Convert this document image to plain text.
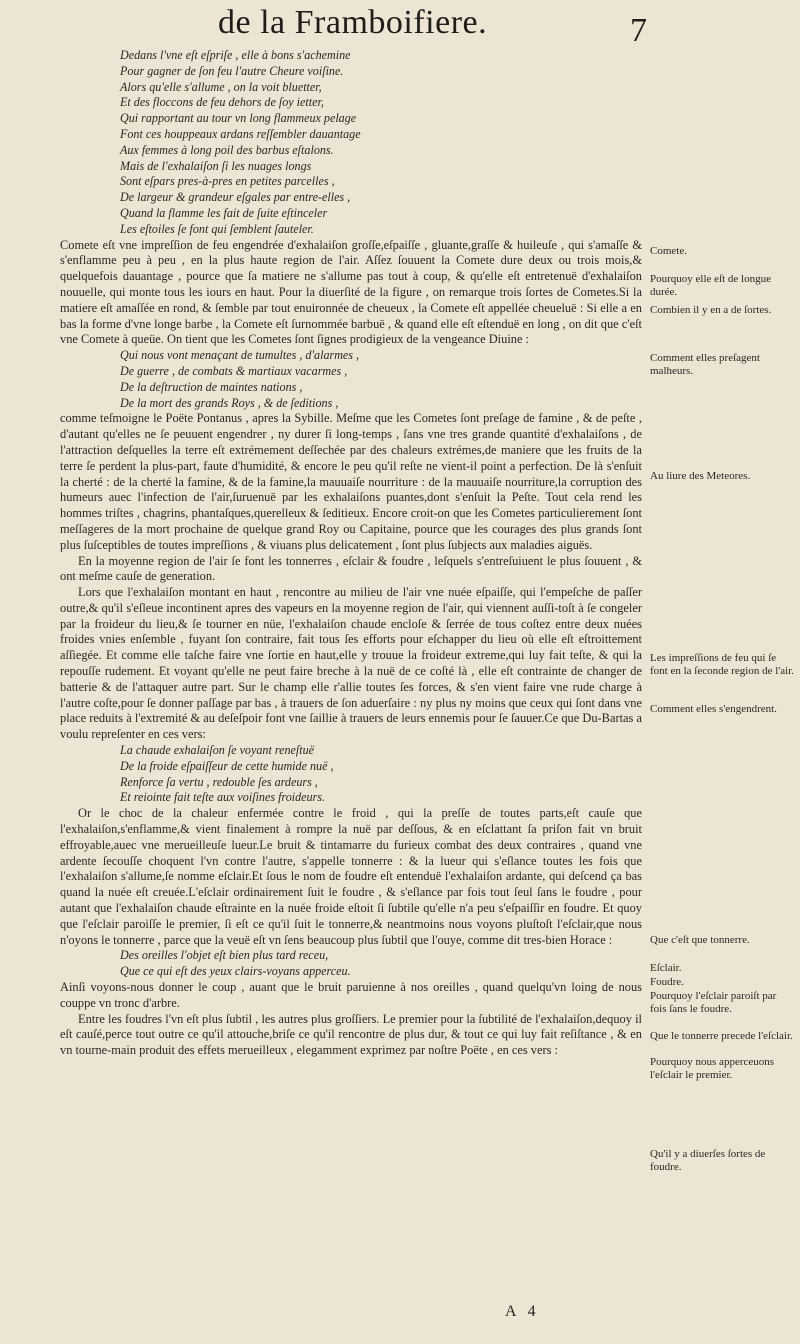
de la Framboifiere.	7
Dedans l'vne eſt eſpriſe , elle à bons s'achemine
Pour gagner de ſon feu l'autre Cheure voiſine.
Alors qu'elle s'allume , on la voit bluetter,
Et des floccons de feu dehors de ſoy ietter,
Qui rapportant au tour vn long flammeux pelage
Font ces houppeaux ardans reſſembler dauantage
Aux femmes à long poil des barbus eſtalons.
Mais de l'exhalaiſon ſi les nuages longs
Sont eſpars pres-à-pres en petites parcelles ,
De largeur & grandeur eſgales par entre-elles ,
Quand la flamme les fait de ſuite eſtinceler
Les eſtoiles ſe font qui ſemblent ſauteler.

Comete eſt vne impreſſion de feu engendrée d'exhalaiſon groſſe,eſpaiſſe , gluante,graſſe & huileuſe , qui s'amaſſe & s'enflamme peu à peu , en la plus haute region de l'air. Aſſez ſouuent la Comete dure deux ou trois mois,& quelquefois dauantage , pource que ſa matiere ne s'allume pas tout à coup, & qu'elle eſt entretenuë d'exhalaiſon nouuelle, qui monte tous les iours en haut. Pour la diuerſité de la figure , on remarque trois ſortes de Cometes.Si la matiere eſt amaſſée en rond, & ſemble par tout enuironnée de cheueux , la Comete eſt appellée cheueluë : Si elle a en bas la forme d'vne longe barbe , la Comete eſt ſurnommée barbuë , & quand elle eſt eſtenduë en long , on dit que c'eſt vne Comete à queüe. On tient que les Cometes ſont ſignes prodigieux de la vengeance Diuine :

Qui nous vont menaçant de tumultes , d'alarmes ,
De guerre , de combats & martiaux vacarmes ,
De la deſtruction de maintes nations ,
De la mort des grands Roys , & de ſeditions ,

comme teſmoigne le Poëte Pontanus , apres la Sybille. Meſme que les Cometes ſont preſage de famine , & de peſte , d'autant qu'elles ne ſe peuuent engendrer , ny durer ſi long-temps , ſans vne tres grande quantité d'exhalaiſons , de l'attraction deſquelles la terre eſt extrémement deſſechée par des chaleurs extrémes,de maniere que les fruits de la terre ſe perdent la plus-part, faute d'humidité, & encore le peu qu'il reſte ne vient-il point a perfection. De là s'enſuit la cherté : de la cherté la famine, & de la famine,la mauuaiſe nourriture : de la mauuaiſe nourriture,la corruption des humeurs auec l'infection de l'air,ſuruenuë par les exhalaiſons puantes,dont s'enſuit la Peſte. Tout cela rend les hommes triſtes , chagrins, phantaſques,querelleux & ſeditieux. Encore croit-on que les Cometes particulierement ſont meſſageres de la mort prochaine de quelque grand Roy ou Capitaine, pource que les courages des plus grands ſont plus ſuſceptibles de toutes impreſſions , & viuans plus delicatement , ſont plus ſubjects aux maladies aiguës.

En la moyenne region de l'air ſe font les tonnerres , eſclair & foudre , leſquels s'entreſuiuent le plus ſouuent , & ont meſme cauſe de generation.

Lors que l'exhalaiſon montant en haut , rencontre au milieu de l'air vne nuée eſpaiſſe, qui l'empeſche de paſſer outre,& qu'il s'eſleue incontinent apres des vapeurs en la moyenne region de l'air, qui viennent auſſi-toſt à ſe congeler par la froideur du lieu,& ſe tourner en nüe, l'exhalaiſon chaude encloſe & ſerrée de tous coſtez entre deux nuées froides vnies enſemble , fuyant ſon contraire, fait tous ſes efforts pour eſchapper du lieu où elle eſt eſtroittement aſſiegée. Et comme elle taſche faire vne ſortie en haut,elle y trouue la froideur extreme,qui luy fait teſte, & qui la repouſſe rudement. Et voyant qu'elle ne peut faire breche à la nuë de ce coſté là , elle eſt contrainte de changer de batterie & de l'attaquer autre part. Sur le champ elle r'allie toutes ſes forces, & s'en vient faire vne rude charge à l'autre coſte,pour ſe donner paſſage par bas , à trauers de ſon aduerſaire : ny plus ny moins que ceux qui ſont dans vne place reduits à l'extremité & au deſeſpoir font vne ſaillie à trauers de leurs ennemis pour ſe ſauuer.Ce que Du-Bartas a voulu repreſenter en ces vers:

La chaude exhalaiſon ſe voyant reneſtuë
De la froide eſpaiſſeur de cette humide nuë ,
Renforce ſa vertu , redouble ſes ardeurs ,
Et reiointe fait teſte aux voiſines froideurs.

Or le choc de la chaleur enfermée contre le froid , qui la preſſe de toutes parts,eſt cauſe que l'exhalaiſon,s'enflamme,& vient finalement à rompre la nuë par deſſous, & en eſclattant ſa priſon fait vn bruit effroyable,auec vne merueilleuſe lueur.Le bruit & tintamarre du furieux combat des deux contraires , quand vne ardente ſecouſſe choquent l'vn contre l'autre, s'appelle tonnerre : & la lueur qui s'eſlance toutes les fois que l'exhalaiſon s'allume,ſe nomme eſclair.Et ſous le nom de foudre eſt entenduë l'exhalaiſon ardante, qui deſcend ça bas quand la nuée eſt creuée.L'eſclair ordinairement ſuit le foudre , & s'eſlance par fois tout ſeul ſans le foudre , pour autant que l'exhalaiſon chaude eſtrainte en la nuée froide eſtoit ſi ſubtile qu'elle n'a peu s'eſpaiſſir en foudre. Et quoy que l'eſclair paroiſſe le premier, ſi eſt ce qu'il ſuit le tonnerre,& neantmoins nous voyons pluſtoſt l'eſclair,que nous n'oyons le tonnerre , parce que la veuë eſt vn ſens beaucoup plus ſubtil que l'ouye, comme dit tres-bien Horace :

Des oreilles l'objet eſt bien plus tard receu,
Que ce qui eſt des yeux clairs-voyans apperceu.

Ainſi voyons-nous donner le coup , auant que le bruit paruienne à nos oreilles , quand quelqu'vn loing de nous couppe vn tronc d'arbre.

Entre les foudres l'vn eſt plus ſubtil , les autres plus groſſiers. Le premier pour la ſubtilité de l'exhalaiſon,dequoy il eſt cauſé,perce tout outre ce qu'il attouche,briſe ce qu'il rencontre de plus dur, & tout ce qui luy fait reſiſtance , & en vn tourne-main produit des effets merueilleux , elegamment exprimez par noſtre Poëte , en ces vers :

Comete.
Pourquoy elle eſt de longue durée.
Combien il y en a de ſortes.
Comment elles preſagent malheurs.
Au liure des Meteores.
Les impreſſions de feu qui ſe font en la ſeconde region de l'air.
Comment elles s'engendrent.
Que c'eſt que tonnerre.
Eſclair.
Foudre.
Pourquoy l'eſclair paroiſt par fois ſans le foudre.
Que le tonnerre precede l'eſclair.
Pourquoy nous apperceuons l'eſclair le premier.
Qu'il y a diuerſes ſortes de foudre.
A 4
